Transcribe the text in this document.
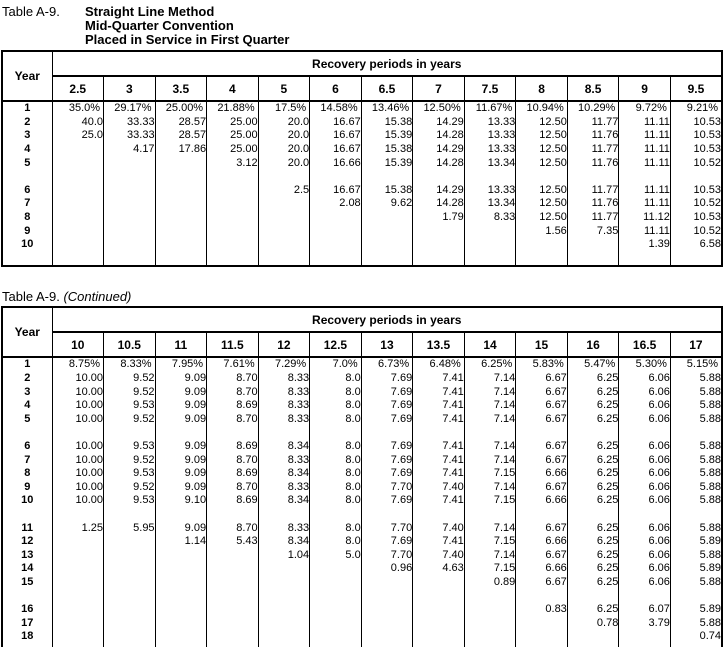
Table A-9.	Straight Line Method
Mid-Quarter Convention
Placed in Service in First Quarter
Year	Recovery periods in years												
	2.5	3	3.5	4	5	6	6.5	7	7.5	8	8.5	9	9.5
1	35.0%	29.17%	25.00%	21.88%	17.5%	14.58%	13.46%	12.50%	11.67%	10.94%	10.29%	9.72%	9.21%
2	40.0	33.33	28.57	25.00	20.0	16.67	15.38	14.29	13.33	12.50	11.77	11.11	10.53
3	25.0	33.33	28.57	25.00	20.0	16.67	15.39	14.28	13.33	12.50	11.76	11.11	10.53
4		4.17	17.86	25.00	20.0	16.67	15.38	14.29	13.33	12.50	11.77	11.11	10.53
5				3.12	20.0	16.66	15.39	14.28	13.34	12.50	11.76	11.11	10.52

6					2.5	16.67	15.38	14.29	13.33	12.50	11.77	11.11	10.53
7						2.08	9.62	14.28	13.34	12.50	11.76	11.11	10.52
8								1.79	8.33	12.50	11.77	11.12	10.53
9										1.56	7.35	11.11	10.52
10												1.39	6.58

Table A-9. (Continued)
Year	Recovery periods in years												
	10	10.5	11	11.5	12	12.5	13	13.5	14	15	16	16.5	17
1	8.75%	8.33%	7.95%	7.61%	7.29%	7.0%	6.73%	6.48%	6.25%	5.83%	5.47%	5.30%	5.15%
2	10.00	9.52	9.09	8.70	8.33	8.0	7.69	7.41	7.14	6.67	6.25	6.06	5.88
3	10.00	9.52	9.09	8.70	8.33	8.0	7.69	7.41	7.14	6.67	6.25	6.06	5.88
4	10.00	9.53	9.09	8.69	8.33	8.0	7.69	7.41	7.14	6.67	6.25	6.06	5.88
5	10.00	9.52	9.09	8.70	8.33	8.0	7.69	7.41	7.14	6.67	6.25	6.06	5.88

6	10.00	9.53	9.09	8.69	8.34	8.0	7.69	7.41	7.14	6.67	6.25	6.06	5.88
7	10.00	9.52	9.09	8.70	8.33	8.0	7.69	7.41	7.14	6.67	6.25	6.06	5.88
8	10.00	9.53	9.09	8.69	8.34	8.0	7.69	7.41	7.15	6.66	6.25	6.06	5.88
9	10.00	9.52	9.09	8.70	8.33	8.0	7.70	7.40	7.14	6.67	6.25	6.06	5.88
10	10.00	9.53	9.10	8.69	8.34	8.0	7.69	7.41	7.15	6.66	6.25	6.06	5.88

11	1.25	5.95	9.09	8.70	8.33	8.0	7.70	7.40	7.14	6.67	6.25	6.06	5.88
12			1.14	5.43	8.34	8.0	7.69	7.41	7.15	6.66	6.25	6.06	5.89
13					1.04	5.0	7.70	7.40	7.14	6.67	6.25	6.06	5.88
14							0.96	4.63	7.15	6.66	6.25	6.06	5.89
15									0.89	6.67	6.25	6.06	5.88

16										0.83	6.25	6.07	5.89
17											0.78	3.79	5.88
18													0.74
